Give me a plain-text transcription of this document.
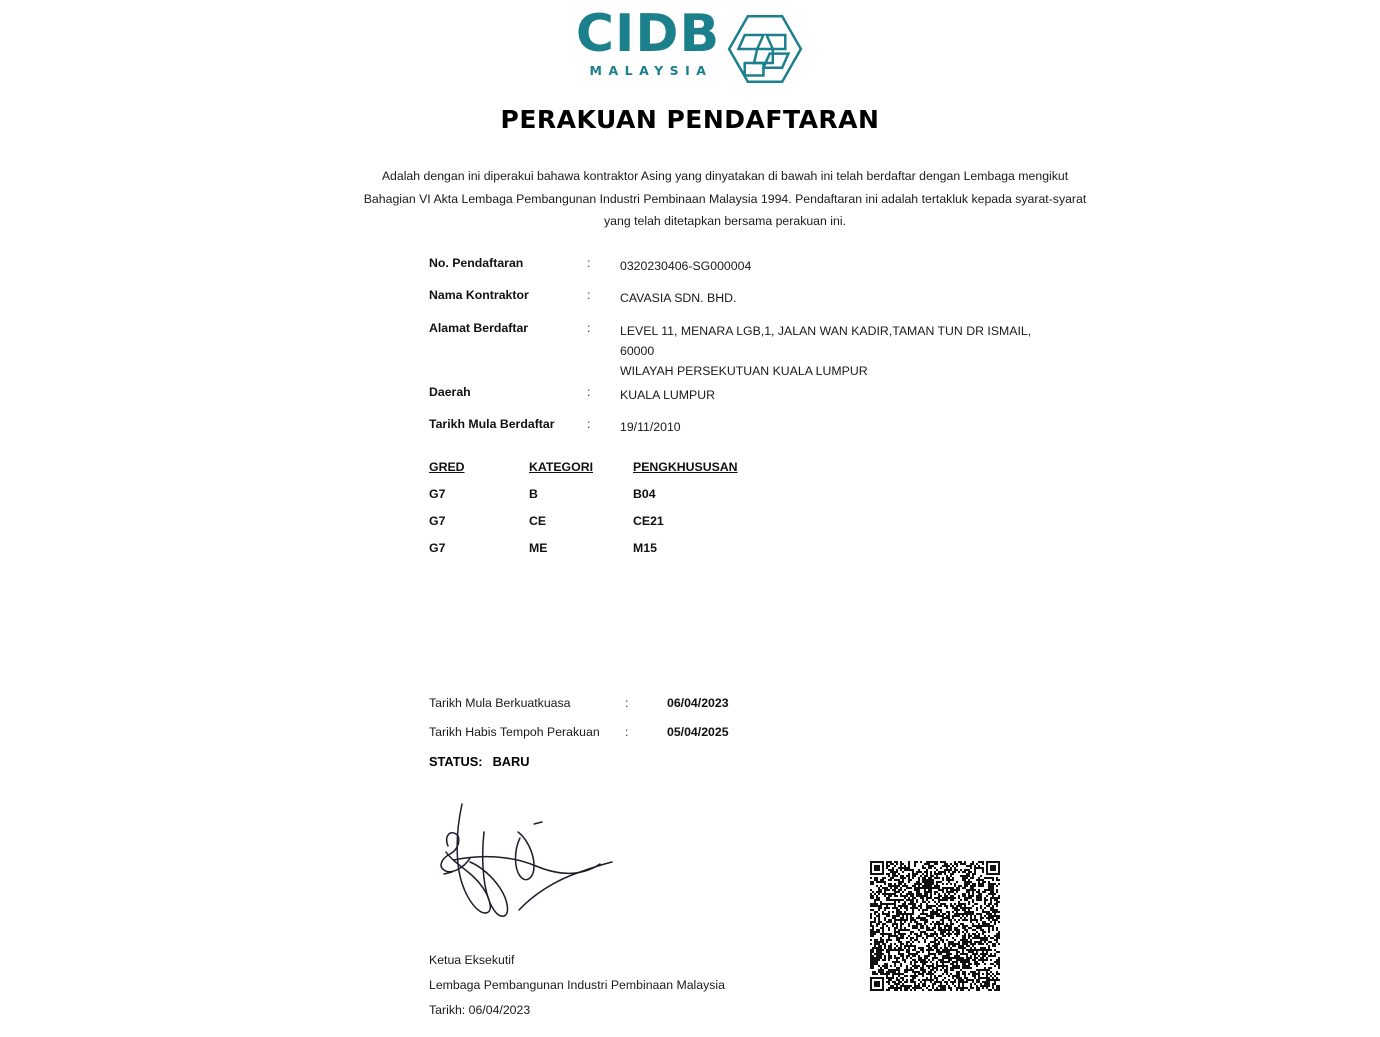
CIDB
MALAYSIA
PERAKUAN PENDAFTARAN
Adalah dengan ini diperakui bahawa kontraktor Asing yang dinyatakan di bawah ini telah berdaftar dengan Lembaga mengikut Bahagian VI Akta Lembaga Pembangunan Industri Pembinaan Malaysia 1994. Pendaftaran ini adalah tertakluk kepada syarat-syarat yang telah ditetapkan bersama perakuan ini.
No. Pendaftaran	:	0320230406-SG000004
Nama Kontraktor	:	CAVASIA SDN. BHD.
Alamat Berdaftar	:	LEVEL 11, MENARA LGB,1, JALAN WAN KADIR,TAMAN TUN DR ISMAIL,
60000
WILAYAH PERSEKUTUAN KUALA LUMPUR
Daerah	:	KUALA LUMPUR
Tarikh Mula Berdaftar	:	19/11/2010
GRED	KATEGORI	PENGKHUSUSAN
G7	B	B04
G7	CE	CE21
G7	ME	M15
Tarikh Mula Berkuatkuasa	:	06/04/2023
Tarikh Habis Tempoh Perakuan	:	05/04/2025
STATUS: BARU
Ketua Eksekutif
Lembaga Pembangunan Industri Pembinaan Malaysia
Tarikh: 06/04/2023
